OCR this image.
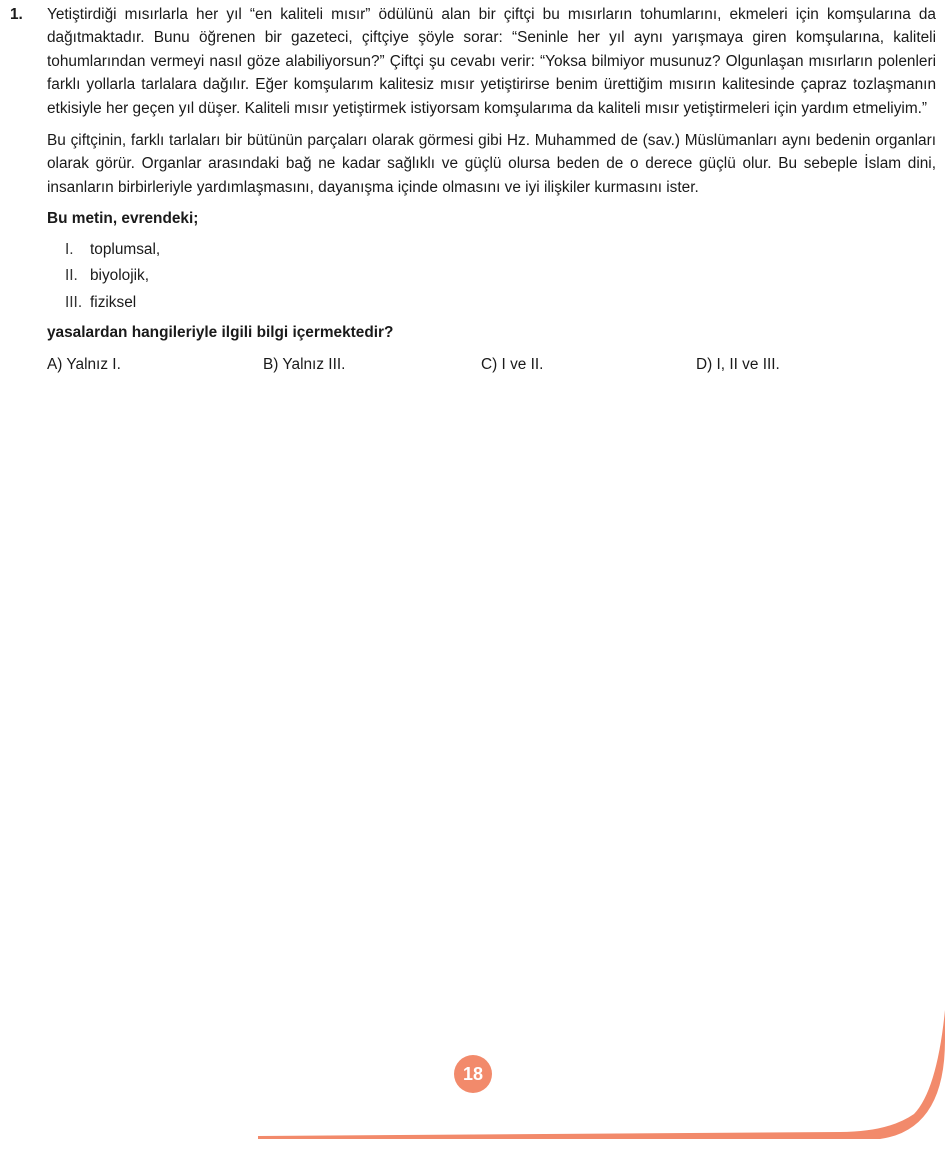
1. Yetiştirdiği mısırlarla her yıl “en kaliteli mısır” ödülünü alan bir çiftçi bu mısırların tohumlarını, ekmeleri için komşularına da dağıtmaktadır. Bunu öğrenen bir gazeteci, çiftçiye şöyle sorar: “Seninle her yıl aynı yarışmaya giren komşularına, kaliteli tohumlarından vermeyi nasıl göze alabiliyorsun?” Çiftçi şu cevabı verir: “Yoksa bilmiyor musunuz? Olgunlaşan mısırların polenleri farklı yollarla tarlalara dağılır. Eğer komşularım kalitesiz mısır yetiştirirse benim ürettiğim mısırın kalitesinde çapraz tozlaşmanın etkisiyle her geçen yıl düşer. Kaliteli mısır yetiştirmek istiyorsam komşularıma da kaliteli mısır yetiştirmeleri için yardım etmeliyim.”

Bu çiftçinin, farklı tarlaları bir bütünün parçaları olarak görmesi gibi Hz. Muhammed de (sav.) Müslümanları aynı bedenin organları olarak görür. Organlar arasındaki bağ ne kadar sağlıklı ve güçlü olursa beden de o derece güçlü olur. Bu sebeple İslam dini, insanların birbirleriyle yardımlaşmasını, dayanışma içinde olmasını ve iyi ilişkiler kurmasını ister.

Bu metin, evrendeki;
I.	toplumsal,
II. biyolojik,
III. fiziksel
yasalardan hangileriyle ilgili bilgi içermektedir?
A) Yalnız I.	B) Yalnız III.	C) I ve II.	D) I, II ve III.
18
